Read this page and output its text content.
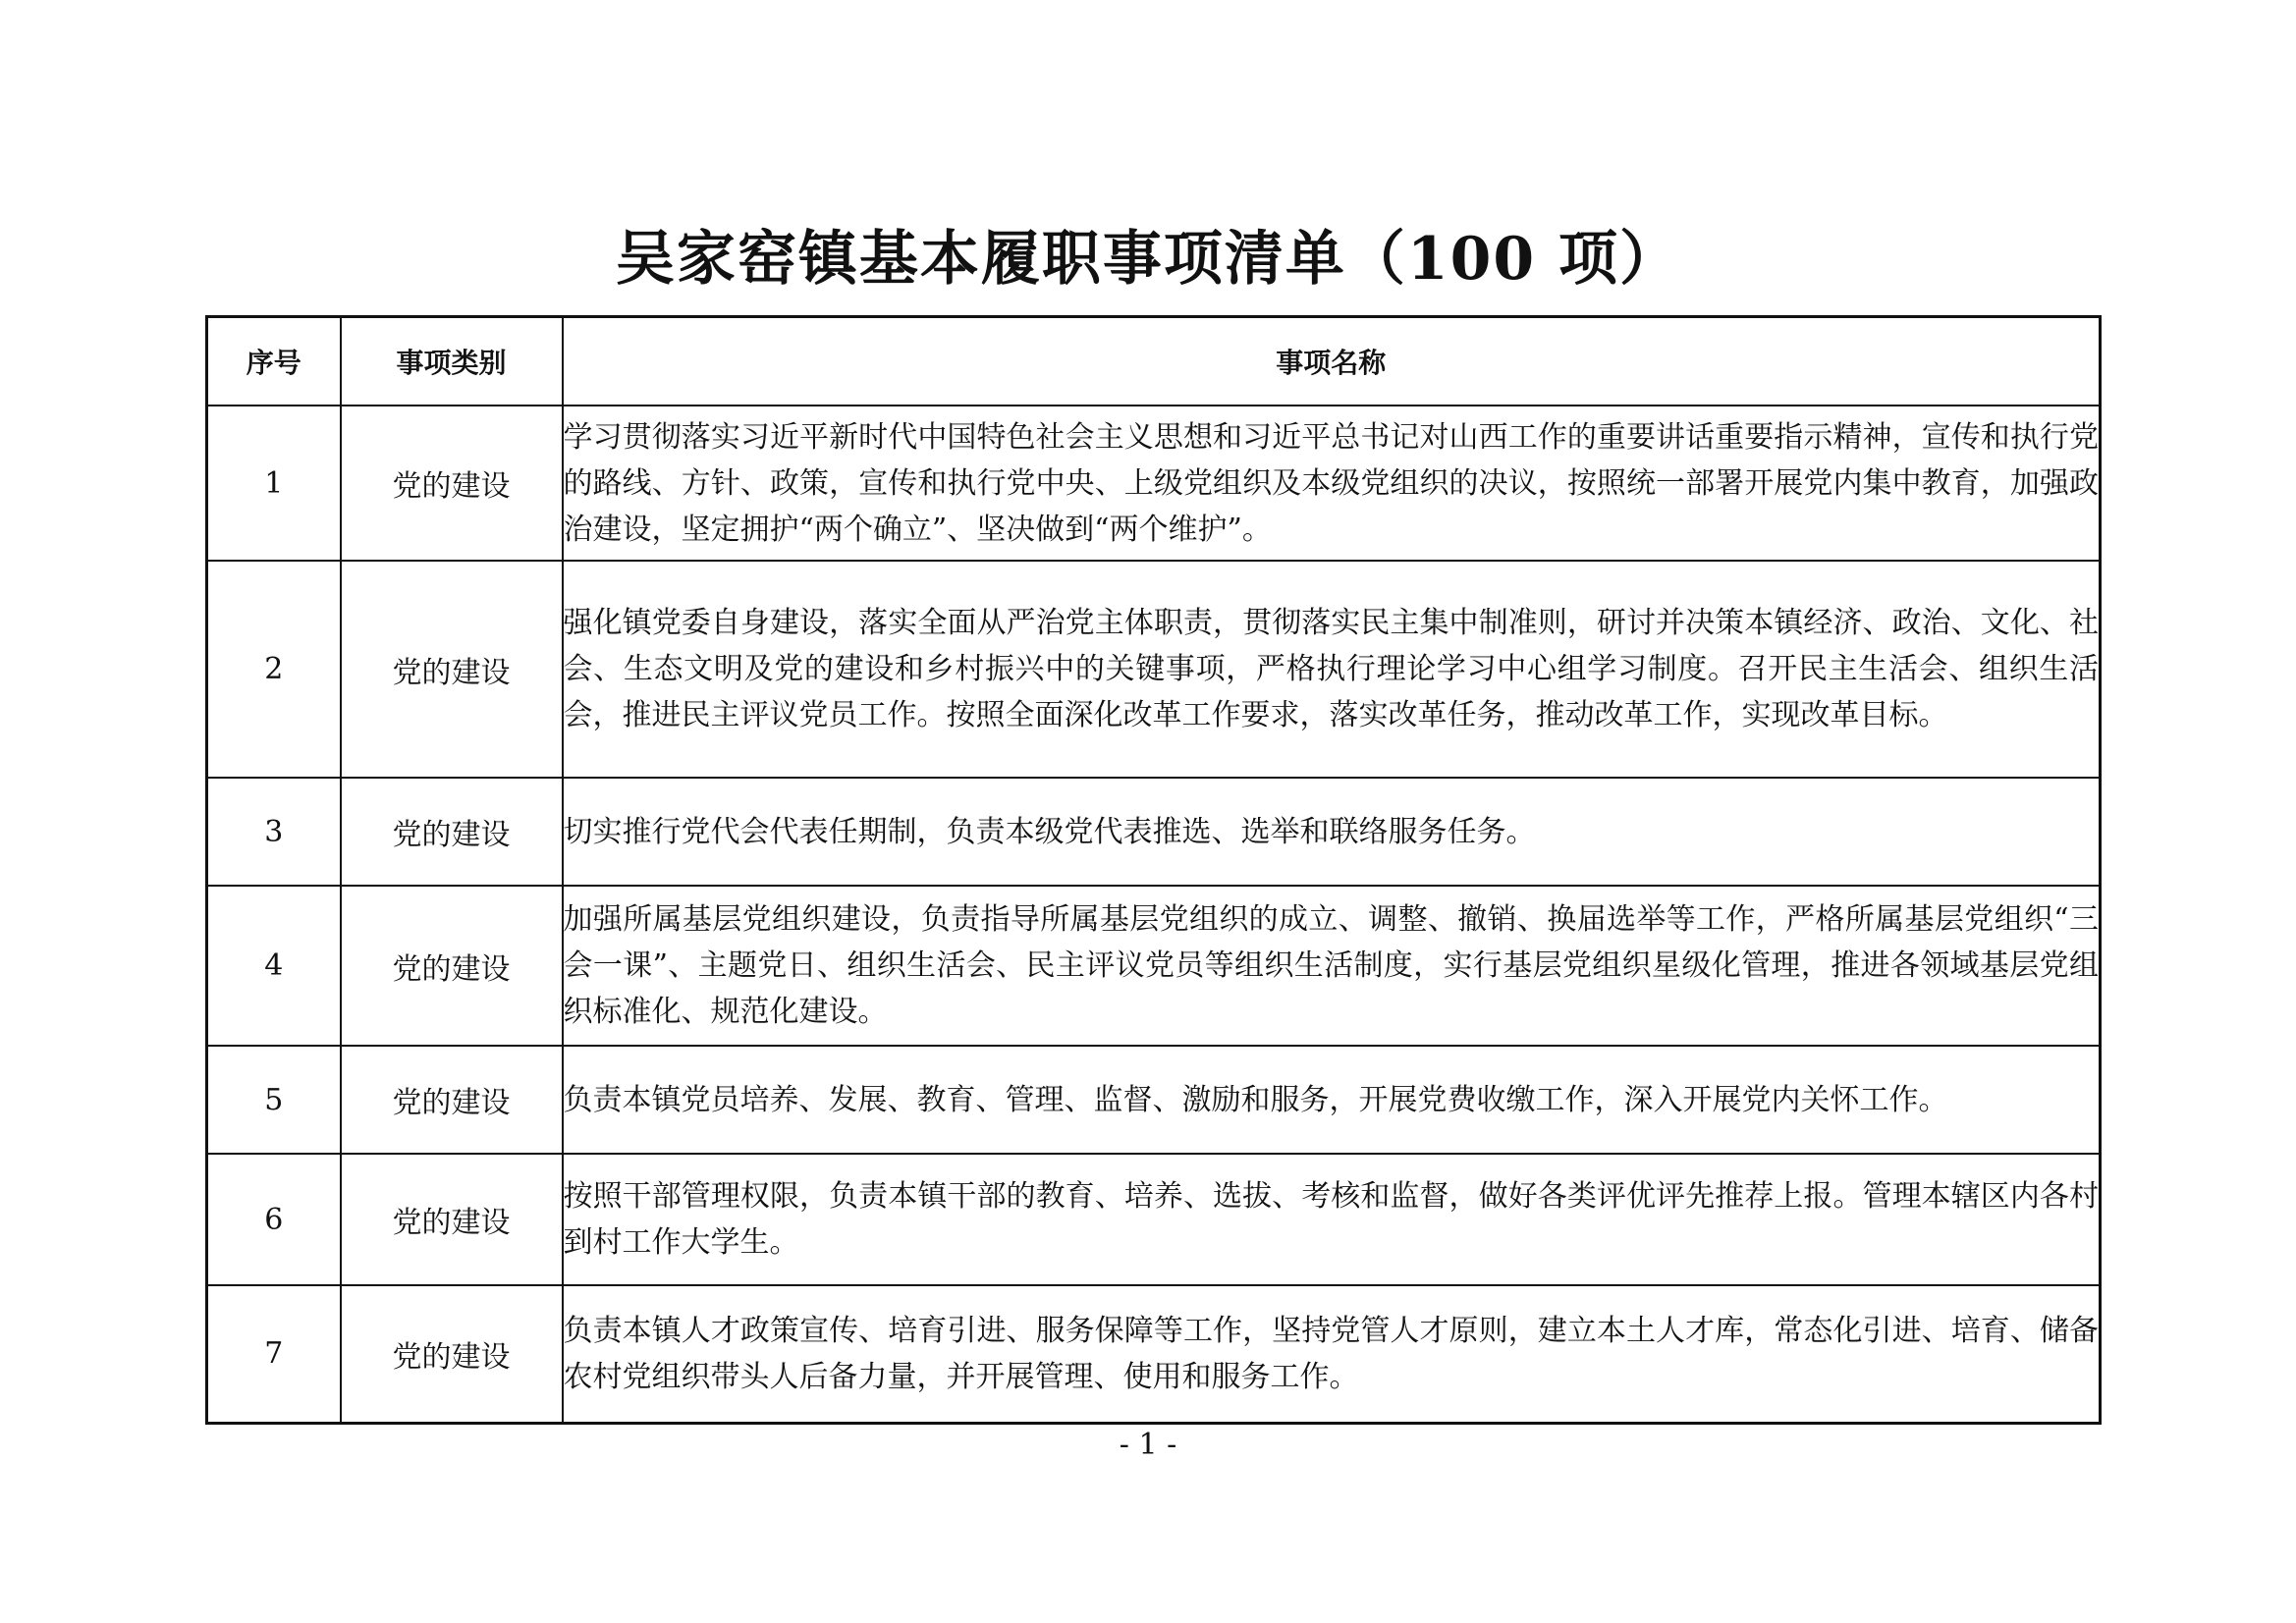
吴家窑镇基本履职事项清单（100 项）
序号	事项类别	事项名称
1	党的建设	学习贯彻落实习近平新时代中国特色社会主义思想和习近平总书记对山西工作的重要讲话重要指示精神，宣传和执行党的路线、方针、政策，宣传和执行党中央、上级党组织及本级党组织的决议，按照统一部署开展党内集中教育，加强政治建设，坚定拥护“两个确立”、坚决做到“两个维护”。
2	党的建设	强化镇党委自身建设，落实全面从严治党主体职责，贯彻落实民主集中制准则，研讨并决策本镇经济、政治、文化、社会、生态文明及党的建设和乡村振兴中的关键事项，严格执行理论学习中心组学习制度。召开民主生活会、组织生活会，推进民主评议党员工作。按照全面深化改革工作要求，落实改革任务，推动改革工作，实现改革目标。
3	党的建设	切实推行党代会代表任期制，负责本级党代表推选、选举和联络服务任务。
4	党的建设	加强所属基层党组织建设，负责指导所属基层党组织的成立、调整、撤销、换届选举等工作，严格所属基层党组织“三会一课”、主题党日、组织生活会、民主评议党员等组织生活制度，实行基层党组织星级化管理，推进各领域基层党组织标准化、规范化建设。
5	党的建设	负责本镇党员培养、发展、教育、管理、监督、激励和服务，开展党费收缴工作，深入开展党内关怀工作。
6	党的建设	按照干部管理权限，负责本镇干部的教育、培养、选拔、考核和监督，做好各类评优评先推荐上报。管理本辖区内各村到村工作大学生。
7	党的建设	负责本镇人才政策宣传、培育引进、服务保障等工作，坚持党管人才原则，建立本土人才库，常态化引进、培育、储备农村党组织带头人后备力量，并开展管理、使用和服务工作。
- 1 -
